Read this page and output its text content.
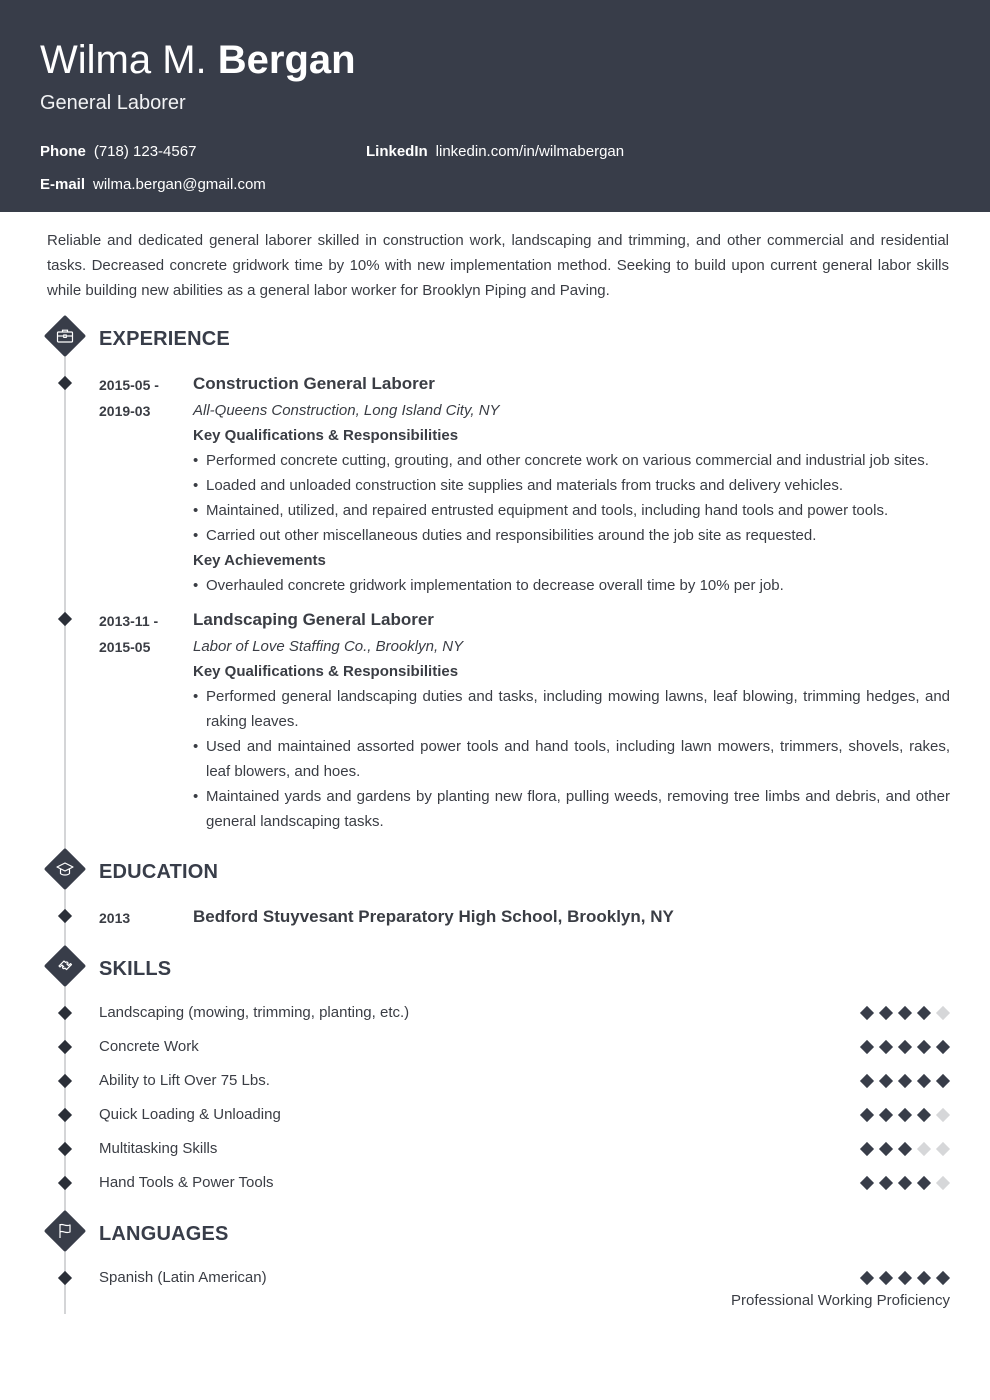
Wilma M. Bergan
General Laborer
Phone (718) 123-4567	LinkedIn linkedin.com/in/wilmabergan
E-mail wilma.bergan@gmail.com

Reliable and dedicated general laborer skilled in construction work, landscaping and trimming, and other commercial and residential tasks. Decreased concrete gridwork time by 10% with new implementation method. Seeking to build upon current general labor skills while building new abilities as a general labor worker for Brooklyn Piping and Paving.

EXPERIENCE
2015-05 -
2019-03
Construction General Laborer
All-Queens Construction, Long Island City, NY
Key Qualifications & Responsibilities
• Performed concrete cutting, grouting, and other concrete work on various commercial and industrial job sites.
• Loaded and unloaded construction site supplies and materials from trucks and delivery vehicles.
• Maintained, utilized, and repaired entrusted equipment and tools, including hand tools and power tools.
• Carried out other miscellaneous duties and responsibilities around the job site as requested.
Key Achievements
• Overhauled concrete gridwork implementation to decrease overall time by 10% per job.
2013-11 -
2015-05
Landscaping General Laborer
Labor of Love Staffing Co., Brooklyn, NY
Key Qualifications & Responsibilities
• Performed general landscaping duties and tasks, including mowing lawns, leaf blowing, trimming hedges, and raking leaves.
• Used and maintained assorted power tools and hand tools, including lawn mowers, trimmers, shovels, rakes, leaf blowers, and hoes.
• Maintained yards and gardens by planting new flora, pulling weeds, removing tree limbs and debris, and other general landscaping tasks.
EDUCATION
2013	Bedford Stuyvesant Preparatory High School, Brooklyn, NY
SKILLS
Landscaping (mowing, trimming, planting, etc.)
Concrete Work
Ability to Lift Over 75 Lbs.
Quick Loading & Unloading
Multitasking Skills
Hand Tools & Power Tools
LANGUAGES
Spanish (Latin American)
Professional Working Proficiency
